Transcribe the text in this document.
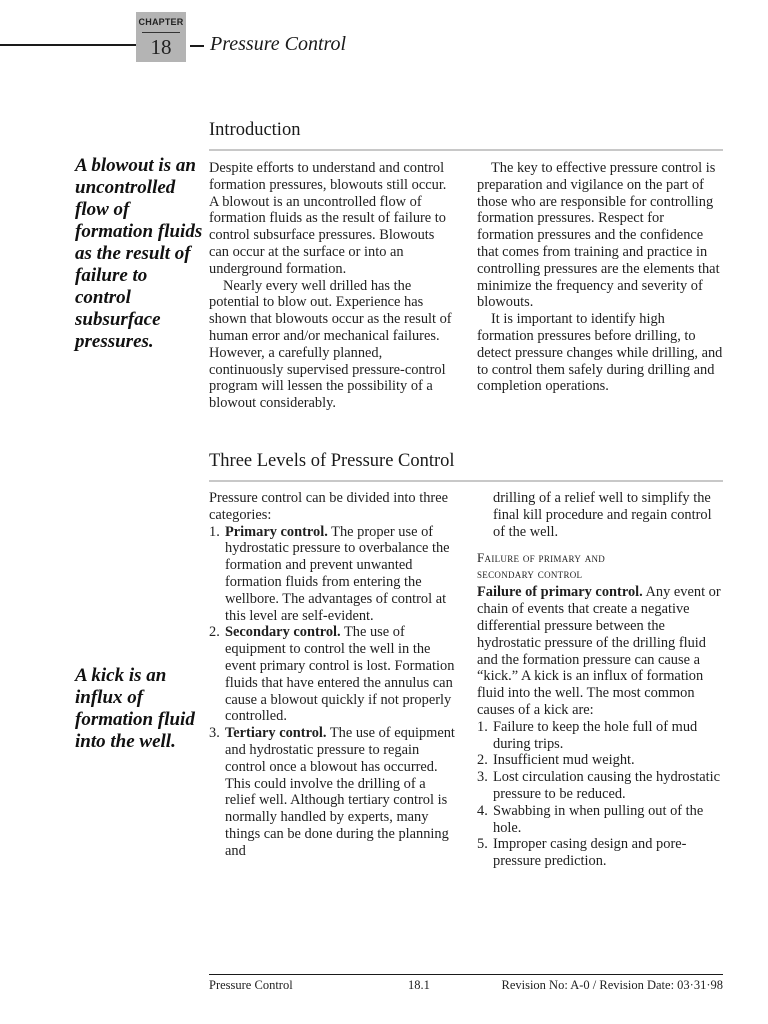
CHAPTER
18	Pressure Control
Introduction
A blowout is an uncontrolled flow of formation fluids as the result of failure to control subsurface pressures.

Despite efforts to understand and control formation pressures, blowouts still occur. A blowout is an uncontrolled flow of formation fluids as the result of failure to control subsurface pressures. Blowouts can occur at the surface or into an underground formation.

Nearly every well drilled has the potential to blow out. Experience has shown that blowouts occur as the result of human error and/or mechanical failures. However, a carefully planned, continuously supervised pressure-control program will lessen the possibility of a blowout considerably.

The key to effective pressure control is preparation and vigilance on the part of those who are responsible for controlling formation pressures. Respect for formation pressures and the confidence that comes from training and practice in controlling pressures are the elements that minimize the frequency and severity of blowouts.

It is important to identify high formation pressures before drilling, to detect pressure changes while drilling, and to control them safely during drilling and completion operations.

Three Levels of Pressure Control
A kick is an influx of formation fluid into the well.

Pressure control can be divided into three categories:

1. Primary control. The proper use of hydrostatic pressure to overbalance the formation and prevent unwanted formation fluids from entering the wellbore. The advantages of control at this level are self-evident.
2. Secondary control. The use of equipment to control the well in the event primary control is lost. Formation fluids that have entered the annulus can cause a blowout quickly if not properly controlled.
3. Tertiary control. The use of equipment and hydrostatic pressure to regain control once a blowout has occurred. This could involve the drilling of a relief well. Although tertiary control is normally handled by experts, many things can be done during the planning and

drilling of a relief well to simplify the final kill procedure and regain control of the well.

Failure of primary and
secondary control

Failure of primary control. Any event or chain of events that create a negative differential pressure between the hydrostatic pressure of the drilling fluid and the formation pressure can cause a “kick.” A kick is an influx of formation fluid into the well. The most common causes of a kick are:

1. Failure to keep the hole full of mud during trips.
2. Insufficient mud weight.
3. Lost circulation causing the hydrostatic pressure to be reduced.
4. Swabbing in when pulling out of the hole.
5. Improper casing design and pore-pressure prediction.
Pressure Control	18.1	Revision No: A-0 / Revision Date: 03·31·98
